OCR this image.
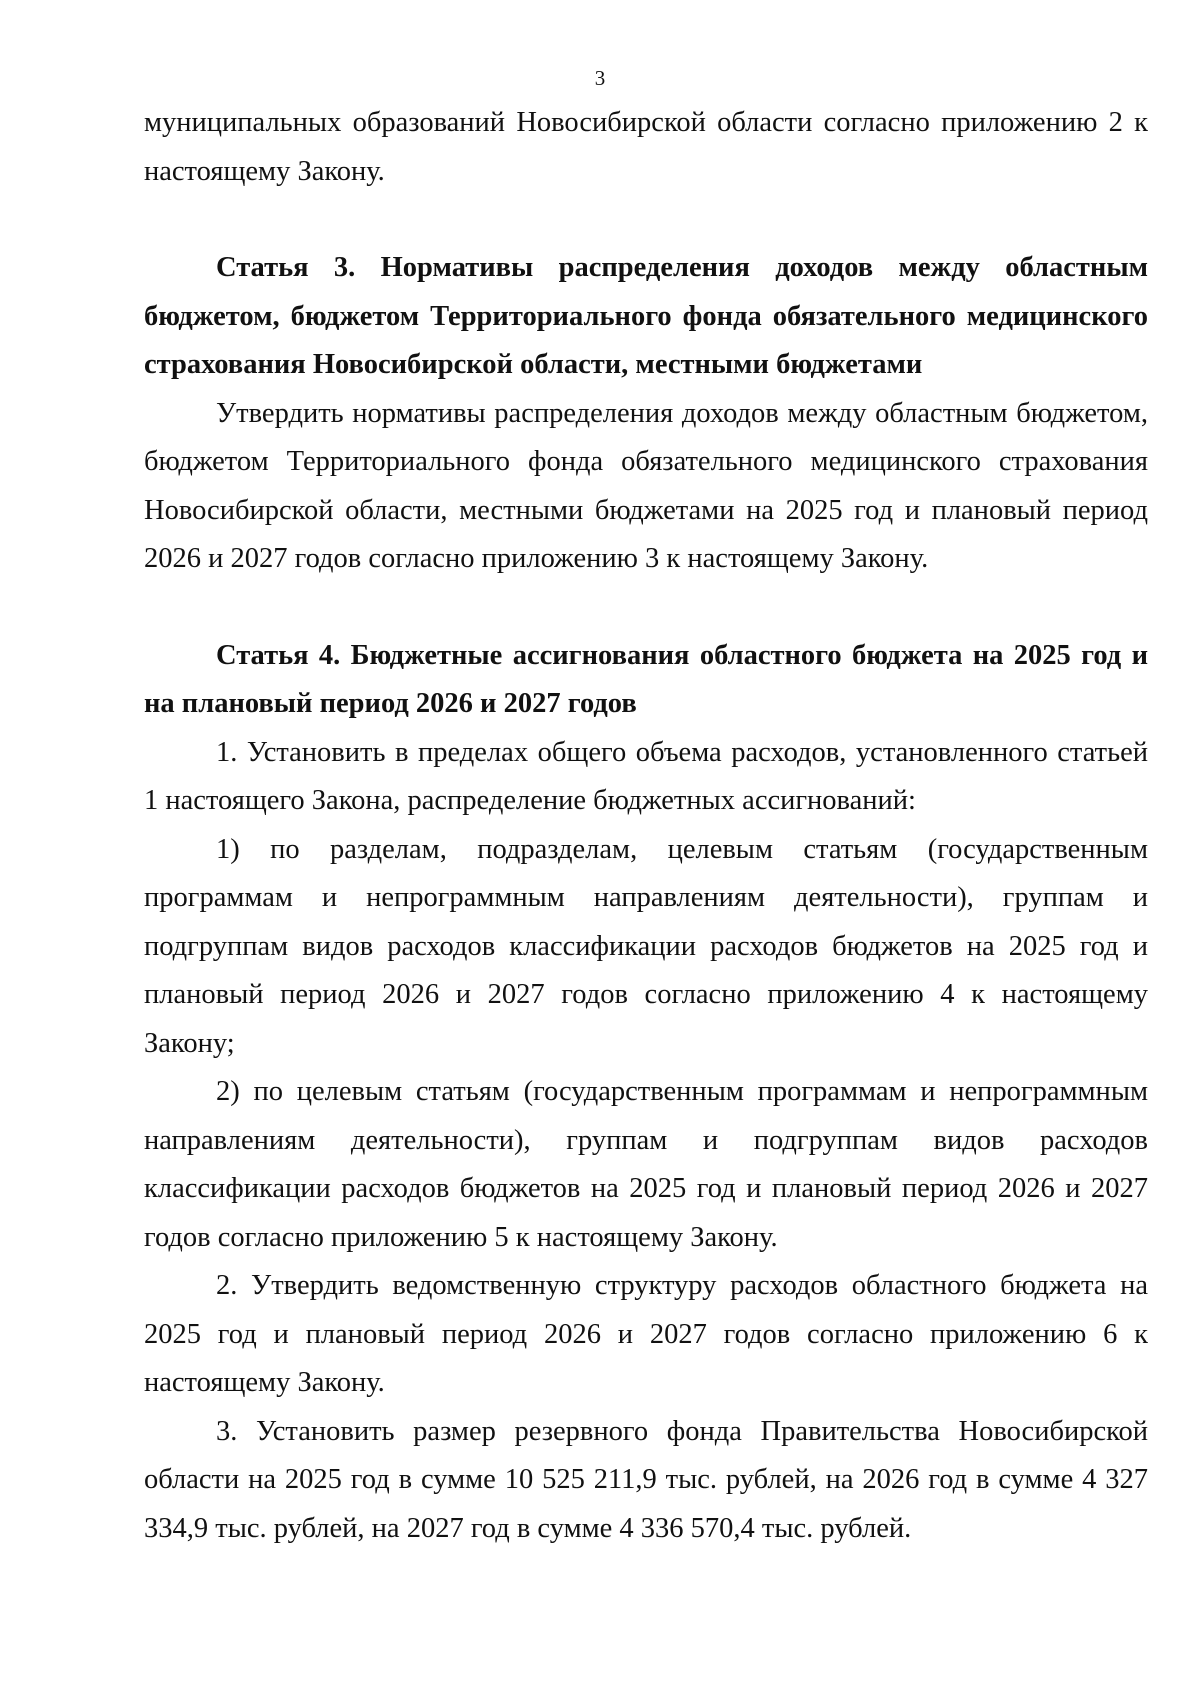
3

муниципальных образований Новосибирской области согласно приложению 2 к настоящему Закону.

Статья 3. Нормативы распределения доходов между областным бюджетом, бюджетом Территориального фонда обязательного медицинского страхования Новосибирской области, местными бюджетами

Утвердить нормативы распределения доходов между областным бюджетом, бюджетом Территориального фонда обязательного медицинского страхования Новосибирской области, местными бюджетами на 2025 год и плановый период 2026 и 2027 годов согласно приложению 3 к настоящему Закону.

Статья 4. Бюджетные ассигнования областного бюджета на 2025 год и на плановый период 2026 и 2027 годов

1. Установить в пределах общего объема расходов, установленного статьей 1 настоящего Закона, распределение бюджетных ассигнований:

1) по разделам, подразделам, целевым статьям (государственным программам и непрограммным направлениям деятельности), группам и подгруппам видов расходов классификации расходов бюджетов на 2025 год и плановый период 2026 и 2027 годов согласно приложению 4 к настоящему Закону;

2) по целевым статьям (государственным программам и непрограммным направлениям деятельности), группам и подгруппам видов расходов классификации расходов бюджетов на 2025 год и плановый период 2026 и 2027 годов согласно приложению 5 к настоящему Закону.

2. Утвердить ведомственную структуру расходов областного бюджета на 2025 год и плановый период 2026 и 2027 годов согласно приложению 6 к настоящему Закону.

3. Установить размер резервного фонда Правительства Новосибирской области на 2025 год в сумме 10 525 211,9 тыс. рублей, на 2026 год в сумме 4 327 334,9 тыс. рублей, на 2027 год в сумме 4 336 570,4 тыс. рублей.
